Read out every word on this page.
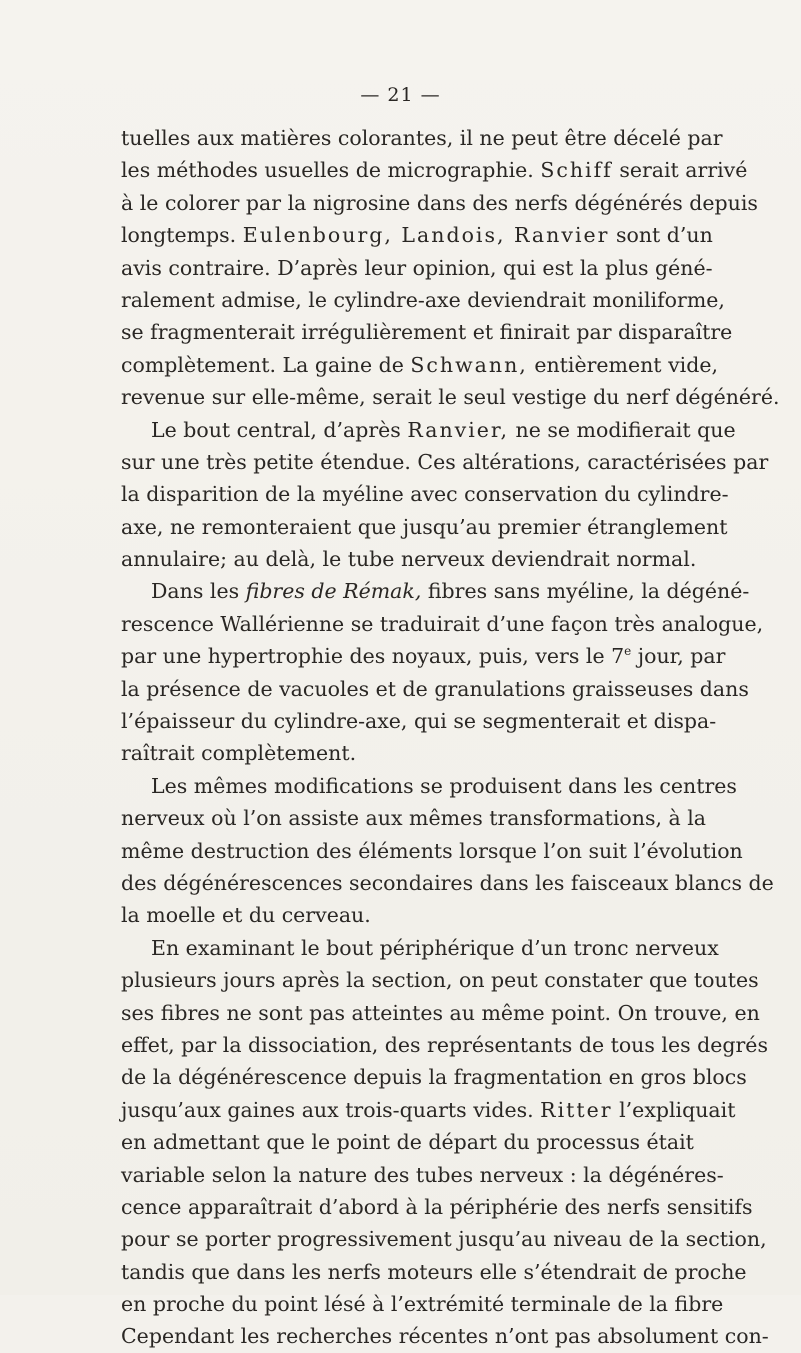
— 21 —
tuelles aux matières colorantes, il ne peut être décelé par
les méthodes usuelles de micrographie. Schiff serait arrivé
à le colorer par la nigrosine dans des nerfs dégénérés depuis
longtemps. Eulenbourg, Landois, Ranvier sont d’un
avis contraire. D’après leur opinion, qui est la plus géné-
ralement admise, le cylindre-axe deviendrait moniliforme,
se fragmenterait irrégulièrement et finirait par disparaître
complètement. La gaine de Schwann, entièrement vide,
revenue sur elle-même, serait le seul vestige du nerf dégénéré.
Le bout central, d’après Ranvier, ne se modifierait que
sur une très petite étendue. Ces altérations, caractérisées par
la disparition de la myéline avec conservation du cylindre-
axe, ne remonteraient que jusqu’au premier étranglement
annulaire; au delà, le tube nerveux deviendrait normal.
Dans les fibres de Rémak, fibres sans myéline, la dégéné-
rescence Wallérienne se traduirait d’une façon très analogue,
par une hypertrophie des noyaux, puis, vers le 7e jour, par
la présence de vacuoles et de granulations graisseuses dans
l’épaisseur du cylindre-axe, qui se segmenterait et dispa-
raîtrait complètement.
Les mêmes modifications se produisent dans les centres
nerveux où l’on assiste aux mêmes transformations, à la
même destruction des éléments lorsque l’on suit l’évolution
des dégénérescences secondaires dans les faisceaux blancs de
la moelle et du cerveau.
En examinant le bout périphérique d’un tronc nerveux
plusieurs jours après la section, on peut constater que toutes
ses fibres ne sont pas atteintes au même point. On trouve, en
effet, par la dissociation, des représentants de tous les degrés
de la dégénérescence depuis la fragmentation en gros blocs
jusqu’aux gaines aux trois-quarts vides. Ritter l’expliquait
en admettant que le point de départ du processus était
variable selon la nature des tubes nerveux : la dégénéres-
cence apparaîtrait d’abord à la périphérie des nerfs sensitifs
pour se porter progressivement jusqu’au niveau de la section,
tandis que dans les nerfs moteurs elle s’étendrait de proche
en proche du point lésé à l’extrémité terminale de la fibre
Cependant les recherches récentes n’ont pas absolument con-
